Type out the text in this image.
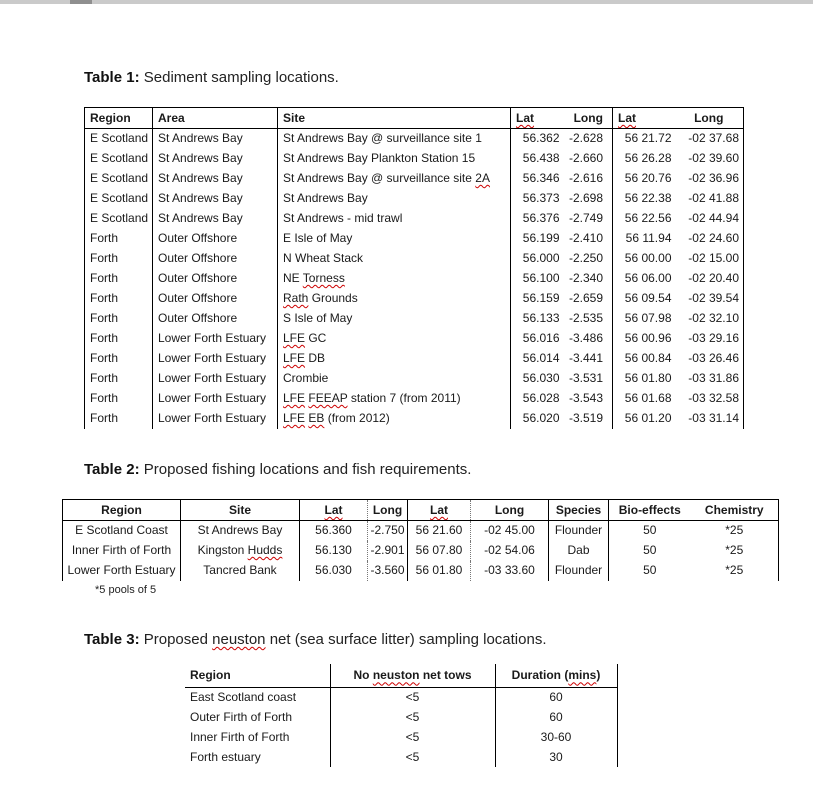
Table 1: Sediment sampling locations.

Region	Area	Site	Lat	Long	Lat	Long
E Scotland	St Andrews Bay	St Andrews Bay @ surveillance site 1	56.362	-2.628	56 21.72	-02 37.68
E Scotland	St Andrews Bay	St Andrews Bay Plankton Station 15	56.438	-2.660	56 26.28	-02 39.60
E Scotland	St Andrews Bay	St Andrews Bay @ surveillance site 2A	56.346	-2.616	56 20.76	-02 36.96
E Scotland	St Andrews Bay	St Andrews Bay	56.373	-2.698	56 22.38	-02 41.88
E Scotland	St Andrews Bay	St Andrews - mid trawl	56.376	-2.749	56 22.56	-02 44.94
Forth	Outer Offshore	E Isle of May	56.199	-2.410	56 11.94	-02 24.60
Forth	Outer Offshore	N Wheat Stack	56.000	-2.250	56 00.00	-02 15.00
Forth	Outer Offshore	NE Torness	56.100	-2.340	56 06.00	-02 20.40
Forth	Outer Offshore	Rath Grounds	56.159	-2.659	56 09.54	-02 39.54
Forth	Outer Offshore	S Isle of May	56.133	-2.535	56 07.98	-02 32.10
Forth	Lower Forth Estuary	LFE GC	56.016	-3.486	56 00.96	-03 29.16
Forth	Lower Forth Estuary	LFE DB	56.014	-3.441	56 00.84	-03 26.46
Forth	Lower Forth Estuary	Crombie	56.030	-3.531	56 01.80	-03 31.86
Forth	Lower Forth Estuary	LFE FEEAP station 7 (from 2011)	56.028	-3.543	56 01.68	-03 32.58
Forth	Lower Forth Estuary	LFE EB (from 2012)	56.020	-3.519	56 01.20	-03 31.14

Table 2: Proposed fishing locations and fish requirements.

Region	Site	Lat	Long	Lat	Long	Species	Bio-effects	Chemistry
E Scotland Coast	St Andrews Bay	56.360	-2.750	56 21.60	-02 45.00	Flounder	50	*25
Inner Firth of Forth	Kingston Hudds	56.130	-2.901	56 07.80	-02 54.06	Dab	50	*25
Lower Forth Estuary	Tancred Bank	56.030	-3.560	56 01.80	-03 33.60	Flounder	50	*25

*5 pools of 5

Table 3: Proposed neuston net (sea surface litter) sampling locations.

Region	No neuston net tows	Duration (mins)
East Scotland coast	<5	60
Outer Firth of Forth	<5	60
Inner Firth of Forth	<5	30-60
Forth estuary	<5	30
